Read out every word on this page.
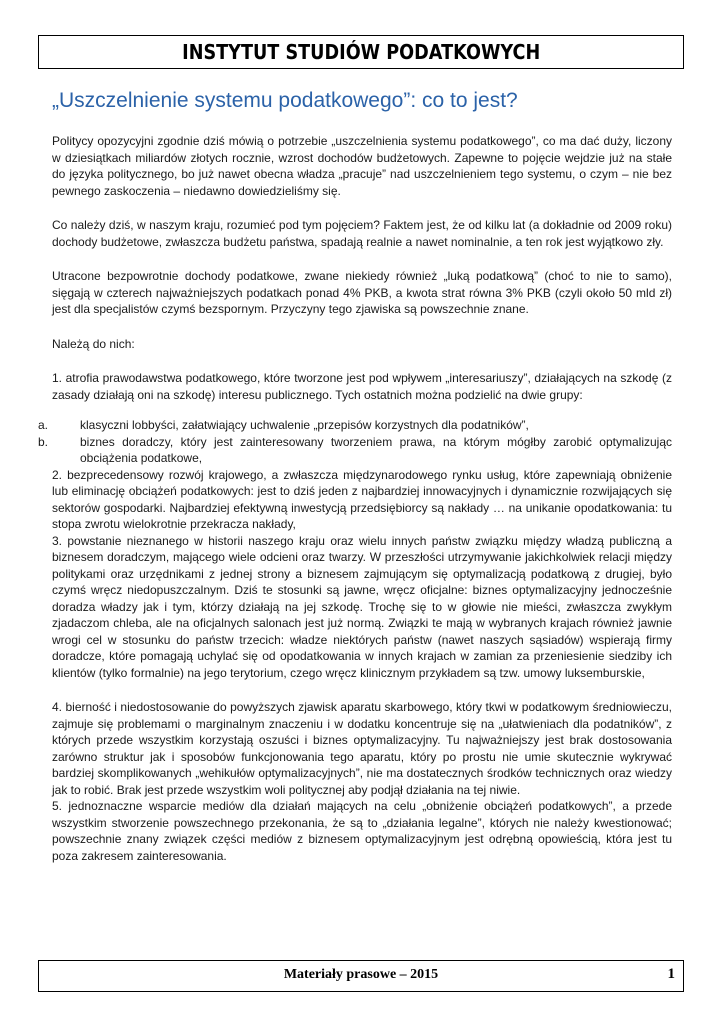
INSTYTUT STUDIÓW PODATKOWYCH
„Uszczelnienie systemu podatkowego”: co to jest?

Politycy opozycyjni zgodnie dziś mówią o potrzebie „uszczelnienia systemu podatkowego”, co ma dać duży, liczony w dziesiątkach miliardów złotych rocznie, wzrost dochodów budżetowych. Zapewne to pojęcie wejdzie już na stałe do języka politycznego, bo już nawet obecna władza „pracuje” nad uszczelnieniem tego systemu, o czym – nie bez pewnego zaskoczenia – niedawno dowiedzieliśmy się.

Co należy dziś, w naszym kraju, rozumieć pod tym pojęciem? Faktem jest, że od kilku lat (a dokładnie od 2009 roku) dochody budżetowe, zwłaszcza budżetu państwa, spadają realnie a nawet nominalnie, a ten rok jest wyjątkowo zły.

Utracone bezpowrotnie dochody podatkowe, zwane niekiedy również „luką podatkową” (choć to nie to samo), sięgają w czterech najważniejszych podatkach ponad 4% PKB, a kwota strat równa 3% PKB (czyli około 50 mld zł) jest dla specjalistów czymś bezspornym. Przyczyny tego zjawiska są powszechnie znane.

Należą do nich:

1. atrofia prawodawstwa podatkowego, które tworzone jest pod wpływem „interesariuszy”, działających na szkodę (z zasady działają oni na szkodę) interesu publicznego. Tych ostatnich można podzielić na dwie grupy:

a.	klasyczni lobbyści, załatwiający uchwalenie „przepisów korzystnych dla podatników”,

b.	biznes doradczy, który jest zainteresowany tworzeniem prawa, na którym mógłby zarobić optymalizując obciążenia podatkowe,

2. bezprecedensowy rozwój krajowego, a zwłaszcza międzynarodowego rynku usług, które zapewniają obniżenie lub eliminację obciążeń podatkowych: jest to dziś jeden z najbardziej innowacyjnych i dynamicznie rozwijających się sektorów gospodarki. Najbardziej efektywną inwestycją przedsiębiorcy są nakłady … na unikanie opodatkowania: tu stopa zwrotu wielokrotnie przekracza nakłady,

3. powstanie nieznanego w historii naszego kraju oraz wielu innych państw związku między władzą publiczną a biznesem doradczym, mającego wiele odcieni oraz twarzy. W przeszłości utrzymywanie jakichkolwiek relacji między politykami oraz urzędnikami z jednej strony a biznesem zajmującym się optymalizacją podatkową z drugiej, było czymś wręcz niedopuszczalnym. Dziś te stosunki są jawne, wręcz oficjalne: biznes optymalizacyjny jednocześnie doradza władzy jak i tym, którzy działają na jej szkodę. Trochę się to w głowie nie mieści, zwłaszcza zwykłym zjadaczom chleba, ale na oficjalnych salonach jest już normą. Związki te mają w wybranych krajach również jawnie wrogi cel w stosunku do państw trzecich: władze niektórych państw (nawet naszych sąsiadów) wspierają firmy doradcze, które pomagają uchylać się od opodatkowania w innych krajach w zamian za przeniesienie siedziby ich klientów (tylko formalnie) na jego terytorium, czego wręcz klinicznym przykładem są tzw. umowy luksemburskie,

4. bierność i niedostosowanie do powyższych zjawisk aparatu skarbowego, który tkwi w podatkowym średniowieczu, zajmuje się problemami o marginalnym znaczeniu i w dodatku koncentruje się na „ułatwieniach dla podatników”, z których przede wszystkim korzystają oszuści i biznes optymalizacyjny. Tu najważniejszy jest brak dostosowania zarówno struktur jak i sposobów funkcjonowania tego aparatu, który po prostu nie umie skutecznie wykrywać bardziej skomplikowanych „wehikułów optymalizacyjnych”, nie ma dostatecznych środków technicznych oraz wiedzy jak to robić. Brak jest przede wszystkim woli politycznej aby podjął działania na tej niwie.

5. jednoznaczne wsparcie mediów dla działań mających na celu „obniżenie obciążeń podatkowych”, a przede wszystkim stworzenie powszechnego przekonania, że są to „działania legalne”, których nie należy kwestionować; powszechnie znany związek części mediów z biznesem optymalizacyjnym jest odrębną opowieścią, która jest tu poza zakresem zainteresowania.

Materiały prasowe – 2015	1
